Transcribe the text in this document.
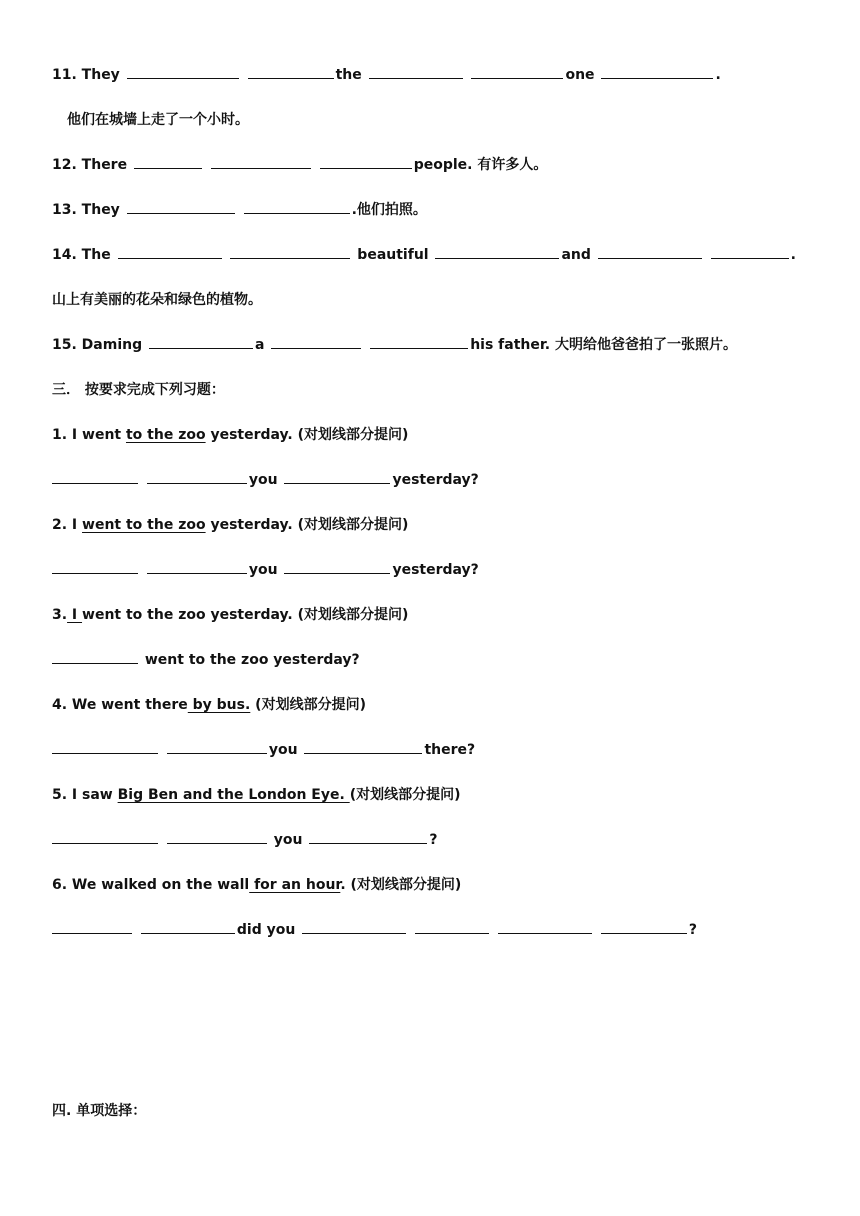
11. They	the	one	.
他们在城墙上走了一个小时。
12. There	people. 有许多人。
13. They	.他们拍照。
14. The	beautiful	and	.
山上有美丽的花朵和绿色的植物。
15. Daming	a	his father. 大明给他爸爸拍了一张照片。
三． 按要求完成下列习题：
1. I went to the zoo yesterday. (对划线部分提问)
you	yesterday?
2. I went to the zoo yesterday. (对划线部分提问)
you	yesterday?
3. I went to the zoo yesterday. (对划线部分提问)
went to the zoo yesterday?
4. We went there by bus. (对划线部分提问)
you	there?
5. I saw Big Ben and the London Eye. (对划线部分提问)
you	?
6. We walked on the wall for an hour. (对划线部分提问)
did you	?
四. 单项选择：
